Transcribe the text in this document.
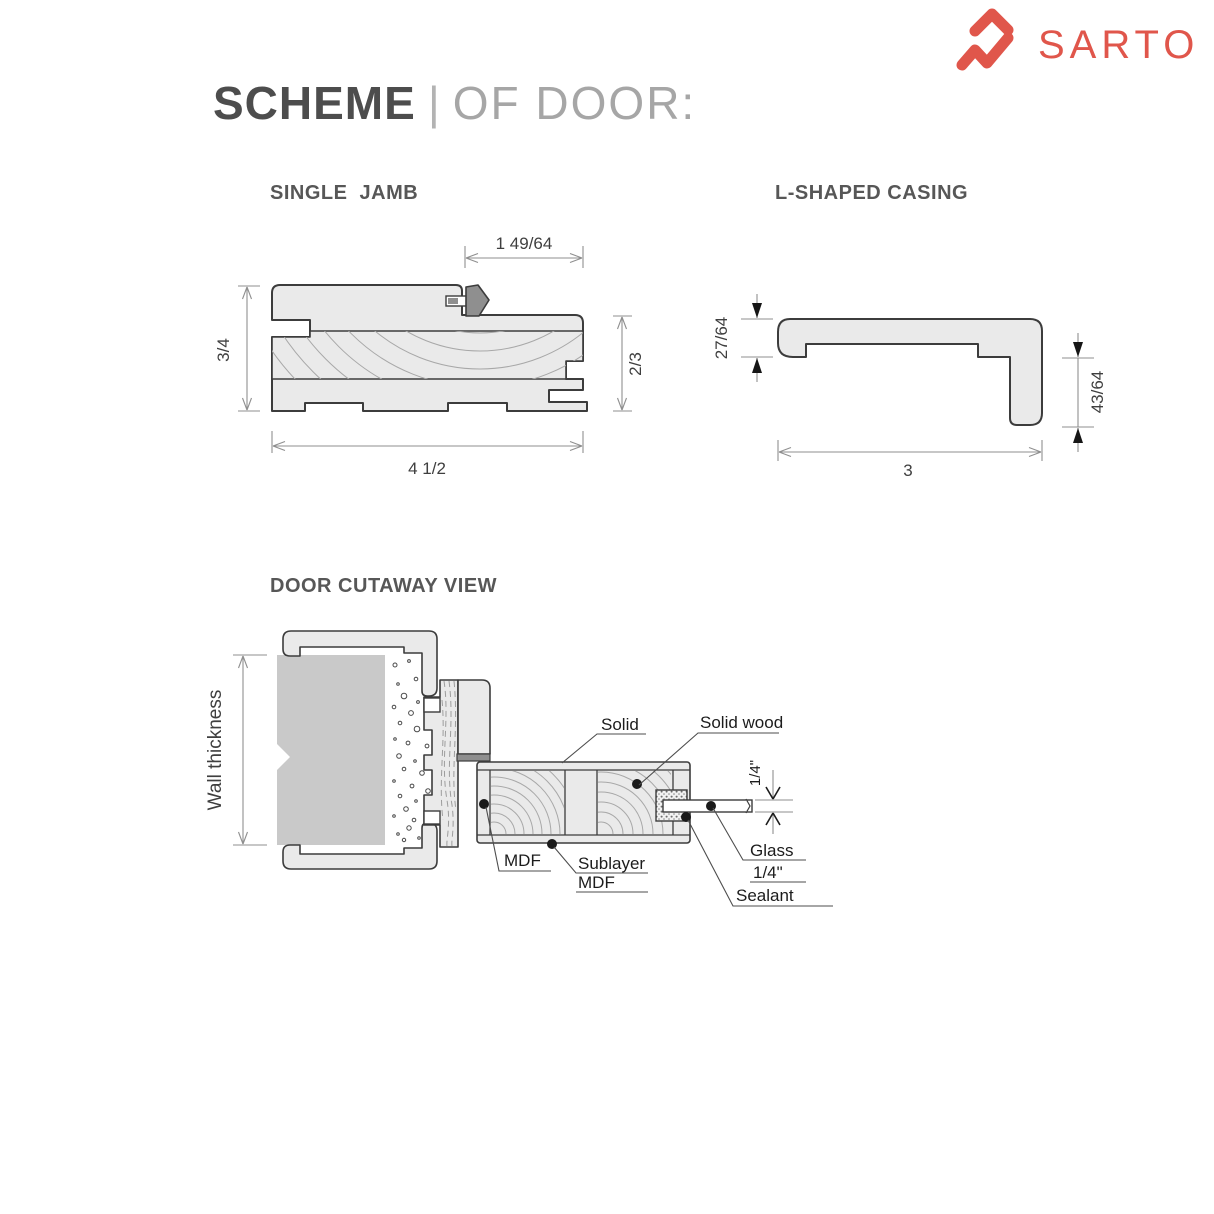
SCHEME | OF DOOR:
SARTO
SINGLE JAMB	L-SHAPED CASING
DOOR CUTAWAY VIEW
1 49/64
3/4
2/3
4 1/2
27/64
43/64
3
Wall thickness	1/4"
Solid	Solid wood
MDF Sublayer
MDF
Glass
1/4"
Sealant
